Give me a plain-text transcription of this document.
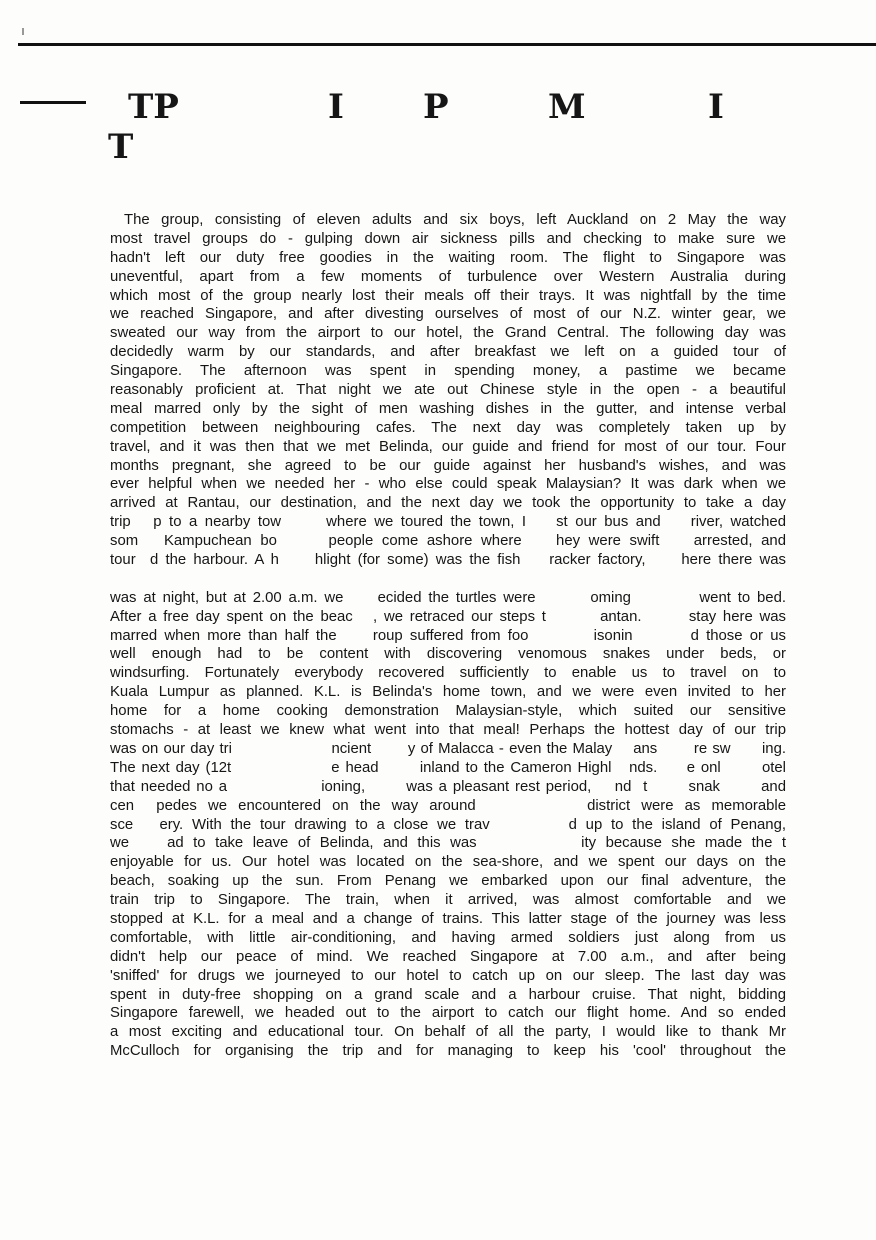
TP	I P	M	I
T
The group, consisting of eleven adults and six boys, left Auckland on 2 May the way
most travel groups do - gulping down air sickness pills and checking to make sure we
hadn't left our duty free goodies in the waiting room. The flight to Singapore was
uneventful, apart from a few moments of turbulence over Western Australia during
which most of the group nearly lost their meals off their trays. It was nightfall by the time
we reached Singapore, and after divesting ourselves of most of our N.Z. winter gear, we
sweated our way from the airport to our hotel, the Grand Central. The following day was
decidedly warm by our standards, and after breakfast we left on a guided tour of
Singapore. The afternoon was spent in spending money, a pastime we became
reasonably proficient at. That night we ate out Chinese style in the open - a beautiful
meal marred only by the sight of men washing dishes in the gutter, and intense verbal
competition between neighbouring cafes. The next day was completely taken up by
travel, and it was then that we met Belinda, our guide and friend for most of our tour. Four
months pregnant, she agreed to be our guide against her husband's wishes, and was
ever helpful when we needed her - who else could speak Malaysian? It was dark when we
arrived at Rantau, our destination, and the next day we took the opportunity to take a day
trip   p to a nearby tow      where we toured the town, I    st our bus and    river, watched
som   Kampuchean bo      people come ashore where    hey were swift    arrested, and
tour  d the harbour. A h     hlight (for some) was the fish    racker factory,     here there was
was at night, but at 2.00 a.m. we     ecided the turtles were        oming          went to bed.
After a free day spent on the beac   , we retraced our steps t        antan.       stay here was
marred when more than half the     roup suffered from foo         isonin        d those or us
well enough had to be content with discovering venomous snakes under beds, or
windsurfing. Fortunately everybody recovered sufficiently to enable us to travel on to
Kuala Lumpur as planned. K.L. is Belinda's home town, and we were even invited to her
home for a home cooking demonstration Malaysian-style, which suited our sensitive
stomachs - at least we knew what went into that meal! Perhaps the hottest day of our trip
was on our day tri                   ncient       y of Malacca - even the Malay    ans       re sw      ing.
The next day (12t                 e head       inland to the Cameron Highl   nds.     e onl       otel
that needed no a                ioning,       was a pleasant rest period,    nd  t       snak       and
cen  pedes we encountered on the way around          district were as memorable
sce   ery. With the tour drawing to a close we trav         d up to the island of Penang,
we    ad to take leave of Belinda, and this was           ity because she made the t
enjoyable for us. Our hotel was located on the sea-shore, and we spent our days on the
beach, soaking up the sun. From Penang we embarked upon our final adventure, the
train trip to Singapore. The train, when it arrived, was almost comfortable and we
stopped at K.L. for a meal and a change of trains. This latter stage of the journey was less
comfortable, with little air-conditioning, and having armed soldiers just along from us
didn't help our peace of mind. We reached Singapore at 7.00 a.m., and after being
'sniffed' for drugs we journeyed to our hotel to catch up on our sleep. The last day was
spent in duty-free shopping on a grand scale and a harbour cruise. That night, bidding
Singapore farewell, we headed out to the airport to catch our flight home. And so ended
a most exciting and educational tour. On behalf of all the party, I would like to thank Mr
McCulloch for organising the trip and for managing to keep his 'cool' throughout the
